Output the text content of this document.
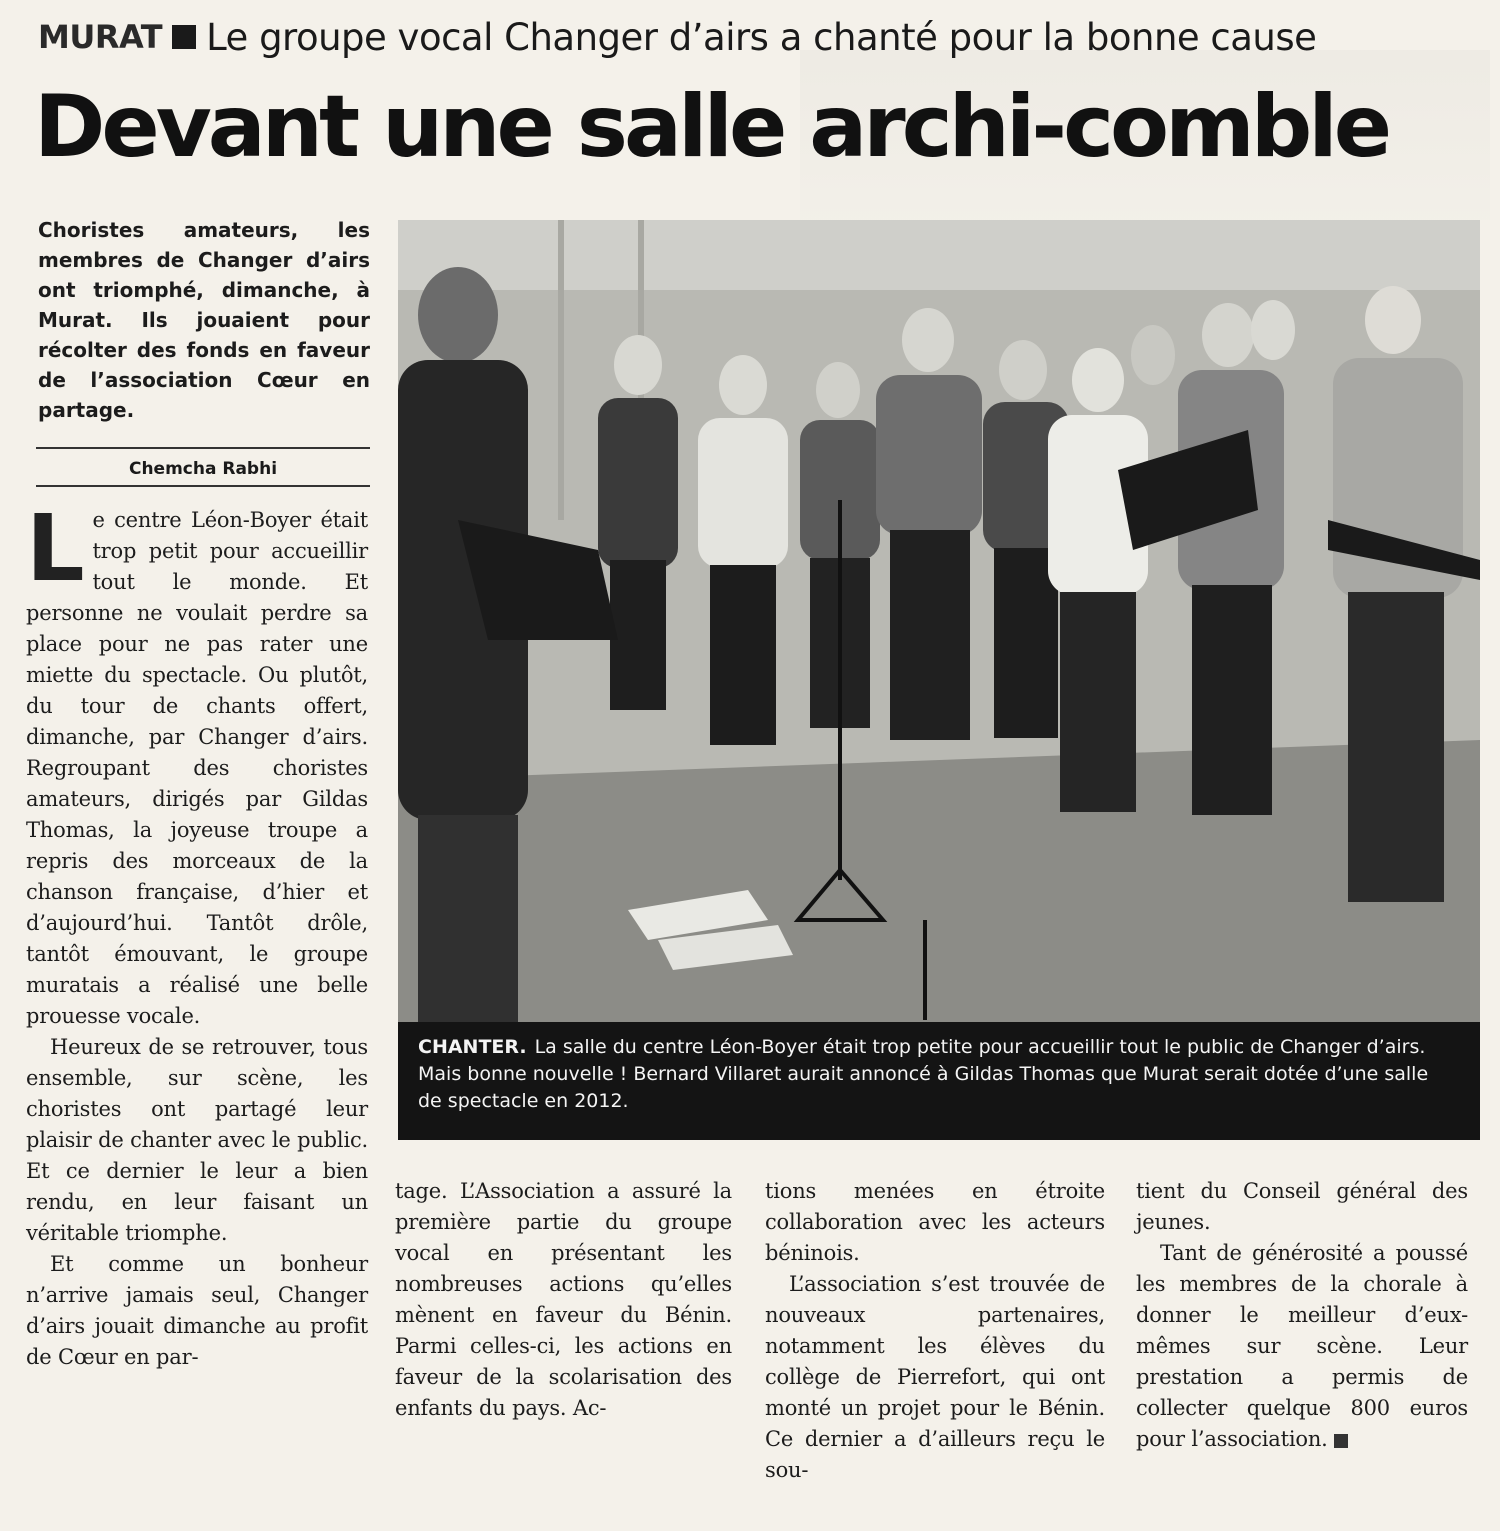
MURAT Le groupe vocal Changer d’airs a chanté pour la bonne cause
Devant une salle archi-comble
Choristes amateurs, les membres de Changer d’airs ont triomphé, dimanche, à Murat. Ils jouaient pour récolter des fonds en faveur de l’association Cœur en partage.
Chemcha Rabhi

Le centre Léon-Boyer était trop petit pour accueillir tout le monde. Et personne ne voulait perdre sa place pour ne pas rater une miette du spectacle. Ou plutôt, du tour de chants offert, dimanche, par Changer d’airs. Regroupant des choristes amateurs, dirigés par Gildas Thomas, la joyeuse troupe a repris des morceaux de la chanson française, d’hier et d’aujourd’hui. Tantôt drôle, tantôt émouvant, le groupe muratais a réalisé une belle prouesse vocale.

Heureux de se retrouver, tous ensemble, sur scène, les choristes ont partagé leur plaisir de chanter avec le public. Et ce dernier le leur a bien rendu, en leur faisant un véritable triomphe.

Et comme un bonheur n’arrive jamais seul, Changer d’airs jouait dimanche au profit de Cœur en par-

CHANTER. La salle du centre Léon-Boyer était trop petite pour accueillir tout le public de Changer d’airs. Mais bonne nouvelle ! Bernard Villaret aurait annoncé à Gildas Thomas que Murat serait dotée d’une salle de spectacle en 2012.

tage. L’Association a assuré la première partie du groupe vocal en présentant les nombreuses actions qu’elles mènent en faveur du Bénin. Parmi celles-ci, les actions en faveur de la scolarisation des enfants du pays. Ac-

tions menées en étroite collaboration avec les acteurs béninois.

L’association s’est trouvée de nouveaux partenaires, notamment les élèves du collège de Pierrefort, qui ont monté un projet pour le Bénin. Ce dernier a d’ailleurs reçu le sou-

tient du Conseil général des jeunes.

Tant de générosité a poussé les membres de la chorale à donner le meilleur d’eux-mêmes sur scène. Leur prestation a permis de collecter quelque 800 euros pour l’association.
